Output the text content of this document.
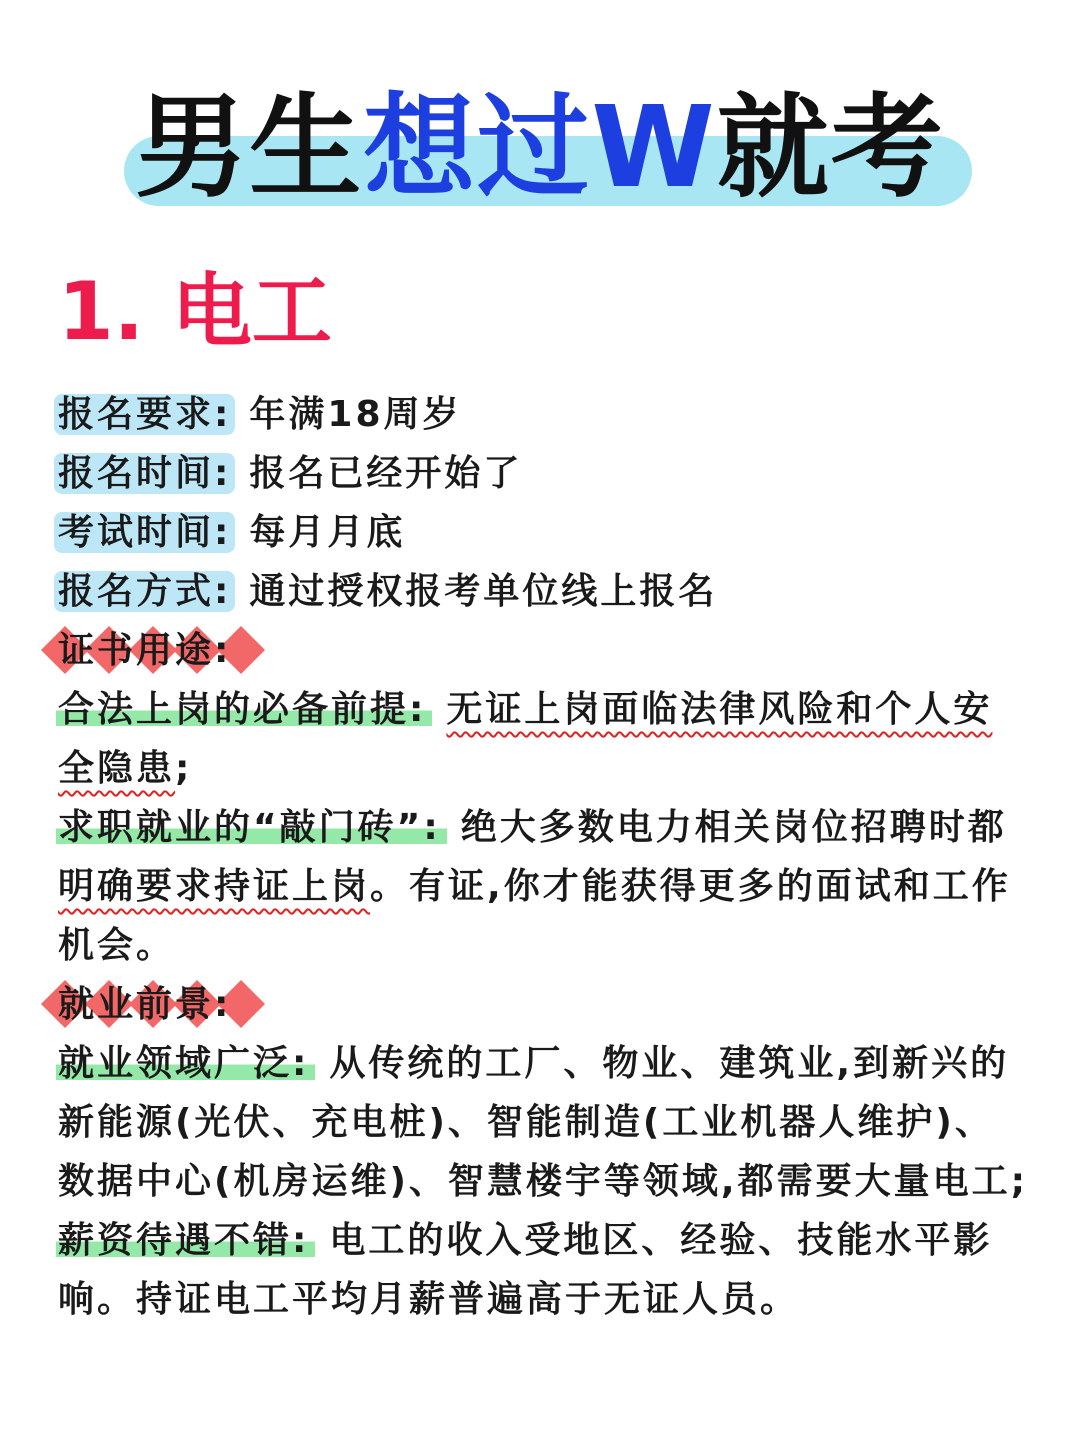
男生想过W就考
1. 电工
报名要求: 年满18周岁
报名时间: 报名已经开始了
考试时间: 每月月底
报名方式: 通过授权报考单位线上报名
证书用途:
合法上岗的必备前提: 无证上岗面临法律风险和个人安全隐患;
求职就业的“敲门砖”: 绝大多数电力相关岗位招聘时都明确要求持证上岗。有证,你才能获得更多的面试和工作机会。
就业前景:
就业领域广泛: 从传统的工厂、物业、建筑业,到新兴的新能源(光伏、充电桩)、智能制造(工业机器人维护)、数据中心(机房运维)、智慧楼宇等领域,都需要大量电工;
薪资待遇不错: 电工的收入受地区、经验、技能水平影响。持证电工平均月薪普遍高于无证人员。
